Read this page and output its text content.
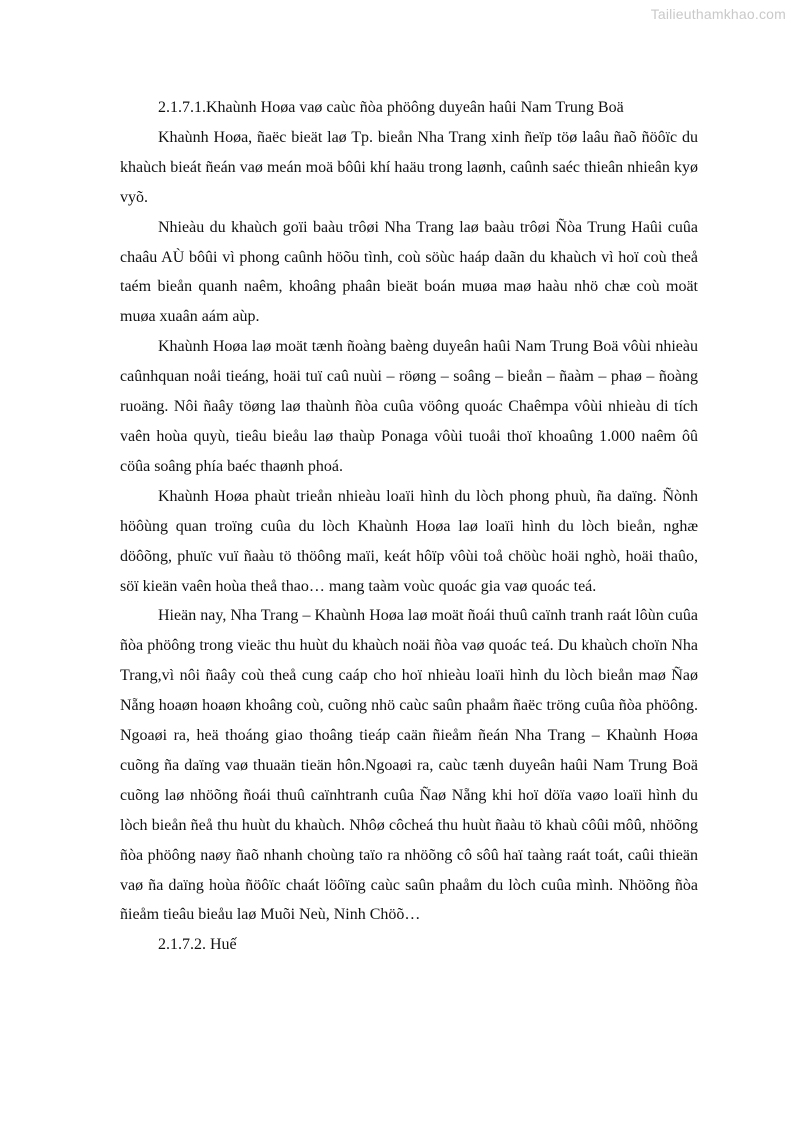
Tailieuthamkhao.com

2.1.7.1.Khaùnh Hoøa vaø caùc ñòa phöông duyeân haûi Nam Trung Boä

Khaùnh Hoøa, ñaëc bieät laø Tp. bieån Nha Trang xinh ñeïp töø laâu ñaõ ñöôïc du khaùch bieát ñeán vaø meán moä bôûi khí haäu trong laønh, caûnh saéc thieân nhieân kyø vyõ.

Nhieàu du khaùch goïi baàu trôøi Nha Trang laø baàu trôøi Ñòa Trung Haûi cuûa chaâu AÙ bôûi vì phong caûnh höõu tình, coù söùc haáp daãn du khaùch vì hoï coù theå taém bieån quanh naêm, khoâng phaân bieät boán muøa maø haàu nhö chæ coù moät muøa xuaân aám aùp.

Khaùnh Hoøa laø moät tænh ñoàng baèng duyeân haûi Nam Trung Boä vôùi nhieàu caûnhquan noåi tieáng, hoäi tuï caû nuùi – röøng – soâng – bieån – ñaàm – phaø – ñoàng ruoäng. Nôi ñaây töøng laø thaùnh ñòa cuûa vöông quoác Chaêmpa vôùi nhieàu di tích vaên hoùa quyù, tieâu bieåu laø thaùp Ponaga vôùi tuoåi thoï khoaûng 1.000 naêm ôû cöûa soâng phía baéc thaønh phoá.

Khaùnh Hoøa phaùt trieån nhieàu loaïi hình du lòch phong phuù, ña daïng. Ñònh höôùng quan troïng cuûa du lòch Khaùnh Hoøa laø loaïi hình du lòch bieån, nghæ döôõng, phuïc vuï ñaàu tö thöông maïi, keát hôïp vôùi toå chöùc hoäi nghò, hoäi thaûo, söï kieän vaên hoùa theå thao… mang taàm voùc quoác gia vaø quoác teá.

Hieän nay, Nha Trang – Khaùnh Hoøa laø moät ñoái thuû caïnh tranh raát lôùn cuûa ñòa phöông trong vieäc thu huùt du khaùch noäi ñòa vaø quoác teá. Du khaùch choïn Nha Trang,vì nôi ñaây coù theå cung caáp cho hoï nhieàu loaïi hình du lòch bieån maø Ñaø Nẵng hoaøn hoaøn khoâng coù, cuõng nhö caùc saûn phaåm ñaëc tröng cuûa ñòa phöông. Ngoaøi ra, heä thoáng giao thoâng tieáp caän ñieåm ñeán Nha Trang – Khaùnh Hoøa cuõng ña daïng vaø thuaän tieän hôn.Ngoaøi ra, caùc tænh duyeân haûi Nam Trung Boä cuõng laø nhöõng ñoái thuû caïnhtranh cuûa Ñaø Nẵng khi hoï döïa vaøo loaïi hình du lòch bieån ñeå thu huùt du khaùch. Nhôø côcheá thu huùt ñaàu tö khaù côûi môû, nhöõng ñòa phöông naøy ñaõ nhanh choùng taïo ra nhöõng cô sôû haï taàng raát toát, caûi thieän vaø ña daïng hoùa ñöôïc chaát löôïng caùc saûn phaåm du lòch cuûa mình. Nhöõng ñòa ñieåm tieâu bieåu laø Muõi Neù, Ninh Chöõ…

2.1.7.2. Huế
